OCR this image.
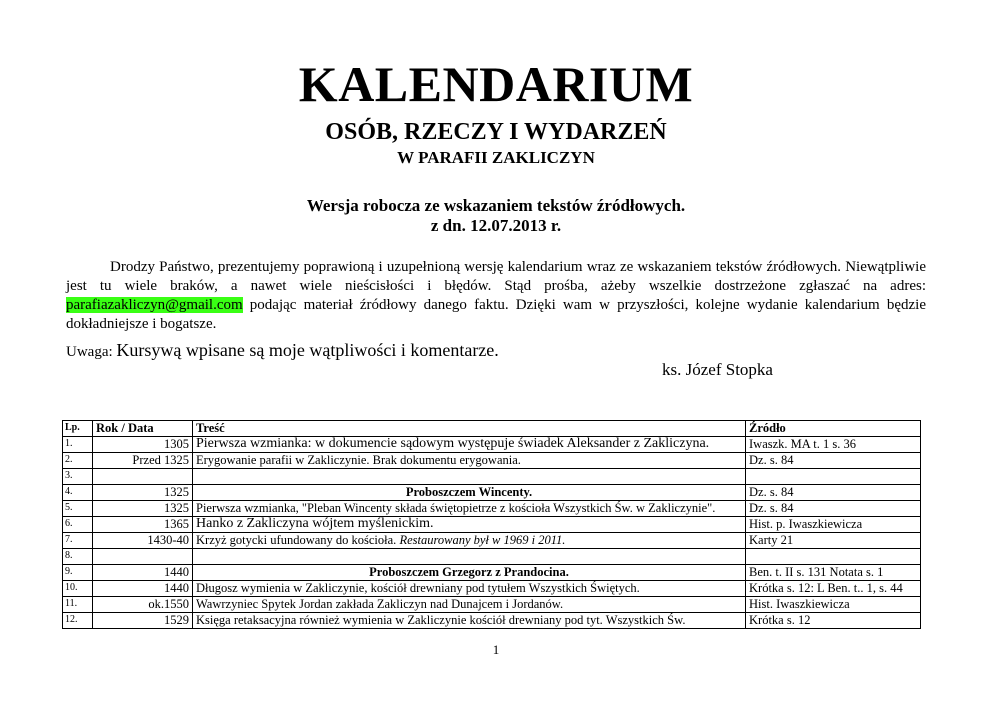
KALENDARIUM
OSÓB, RZECZY I WYDARZEŃ
W PARAFII ZAKLICZYN
Wersja robocza ze wskazaniem tekstów źródłowych.
z dn. 12.07.2013 r.
Drodzy Państwo, prezentujemy poprawioną i uzupełnioną wersję kalendarium wraz ze wskazaniem tekstów źródłowych. Niewątpliwie jest tu wiele braków, a nawet wiele nieścisłości i błędów. Stąd prośba, ażeby wszelkie dostrzeżone zgłaszać na adres: parafiazakliczyn@gmail.com podając materiał źródłowy danego faktu. Dzięki wam w przyszłości, kolejne wydanie kalendarium będzie dokładniejsze i bogatsze.
Uwaga: Kursywą wpisane są moje wątpliwości i komentarze.
ks. Józef Stopka
Lp.	Rok / Data	Treść	Źródło
1.	1305	Pierwsza wzmianka: w dokumencie sądowym występuje świadek Aleksander z Zakliczyna.	Iwaszk. MA t. 1 s. 36
2.	Przed 1325	Erygowanie parafii w Zakliczynie. Brak dokumentu erygowania.	Dz. s. 84
3.			
4.	1325	Proboszczem Wincenty.	Dz. s. 84
5.	1325	Pierwsza wzmianka, "Pleban Wincenty składa świętopietrze z kościoła Wszystkich Św. w Zakliczynie".	Dz. s. 84
6.	1365	Hanko z Zakliczyna wójtem myślenickim.	Hist. p. Iwaszkiewicza
7.	1430-40	Krzyż gotycki ufundowany do kościoła. Restaurowany był w 1969 i 2011.	Karty 21
8.			
9.	1440	Proboszczem Grzegorz z Prandocina.	Ben. t. II s. 131 Notata s. 1
10.	1440	Długosz wymienia w Zakliczynie, kościół drewniany pod tytułem Wszystkich Świętych.	Krótka s. 12: L Ben. t.. 1, s. 44
11.	ok.1550	Wawrzyniec Spytek Jordan zakłada Zakliczyn nad Dunajcem i Jordanów.	Hist. Iwaszkiewicza
12.	1529	Księga retaksacyjna również wymienia w Zakliczynie kościół drewniany pod tyt. Wszystkich Św.	Krótka s. 12
1
